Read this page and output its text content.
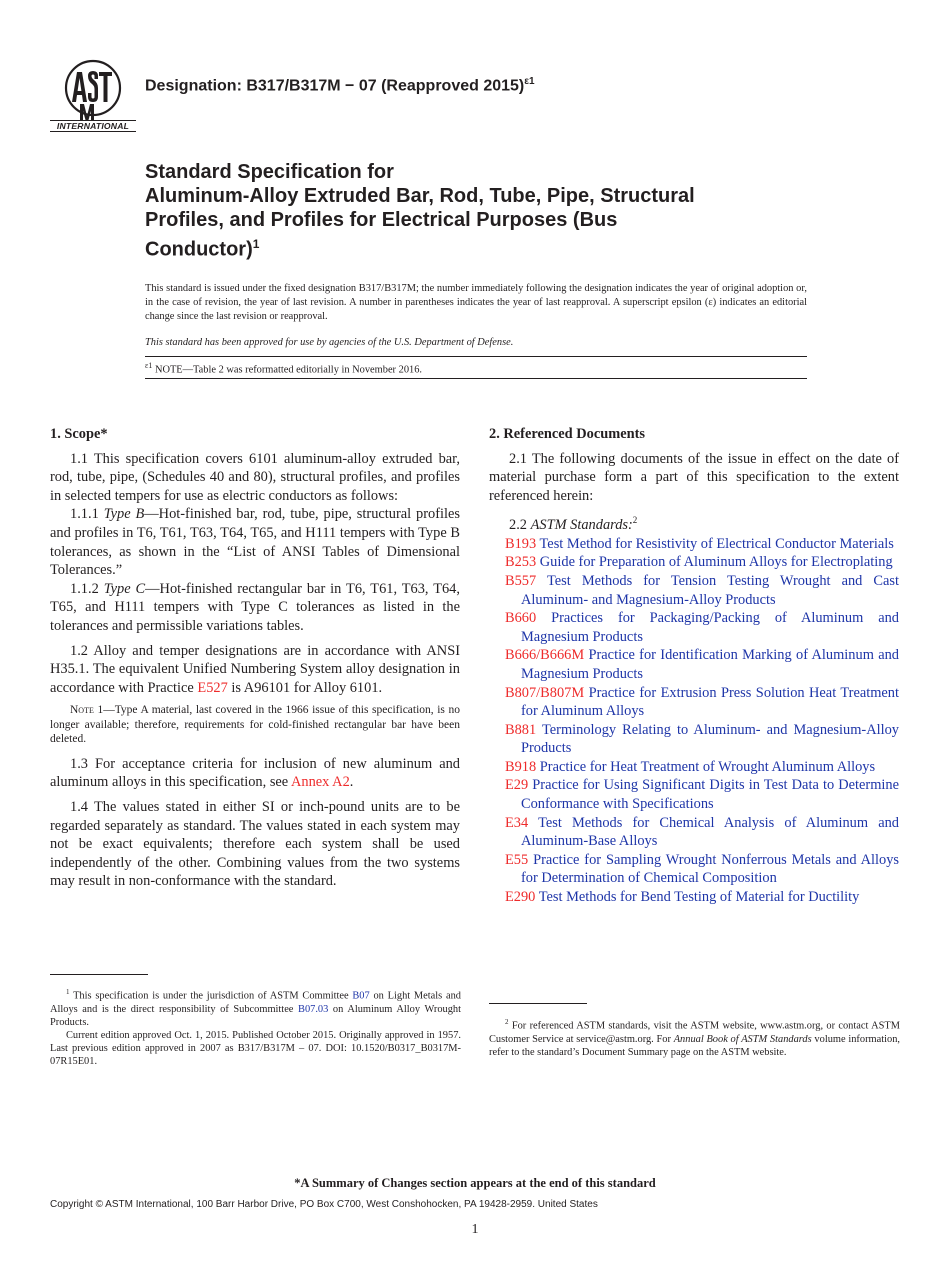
INTERNATIONAL
Designation: B317/B317M − 07 (Reapproved 2015)$^{\varepsilon 1}$
Standard Specification for
Aluminum-Alloy Extruded Bar, Rod, Tube, Pipe, Structural
Profiles, and Profiles for Electrical Purposes (Bus
Conductor)$^1$
This standard is issued under the fixed designation B317/B317M; the number immediately following the designation indicates the year of original adoption or, in the case of revision, the year of last revision. A number in parentheses indicates the year of last reapproval. A superscript epsilon (ε) indicates an editorial change since the last revision or reapproval.
This standard has been approved for use by agencies of the U.S. Department of Defense.
$^{\varepsilon 1}$ NOTE—Table 2 was reformatted editorially in November 2016.
1. Scope*
1.1 This specification covers 6101 aluminum-alloy extruded bar, rod, tube, pipe, (Schedules 40 and 80), structural profiles, and profiles in selected tempers for use as electric conductors as follows:
1.1.1 Type B—Hot-finished bar, rod, tube, pipe, structural profiles and profiles in T6, T61, T63, T64, T65, and H111 tempers with Type B tolerances, as shown in the “List of ANSI Tables of Dimensional Tolerances.”
1.1.2 Type C—Hot-finished rectangular bar in T6, T61, T63, T64, T65, and H111 tempers with Type C tolerances as listed in the tolerances and permissible variations tables.
1.2 Alloy and temper designations are in accordance with ANSI H35.1. The equivalent Unified Numbering System alloy designation in accordance with Practice E527 is A96101 for Alloy 6101.
Note 1—Type A material, last covered in the 1966 issue of this specification, is no longer available; therefore, requirements for cold-finished rectangular bar have been deleted.
1.3 For acceptance criteria for inclusion of new aluminum and aluminum alloys in this specification, see Annex A2.
1.4 The values stated in either SI or inch-pound units are to be regarded separately as standard. The values stated in each system may not be exact equivalents; therefore each system shall be used independently of the other. Combining values from the two systems may result in non-conformance with the standard.
2. Referenced Documents
2.1 The following documents of the issue in effect on the date of material purchase form a part of this specification to the extent referenced herein:
2.2 ASTM Standards:$^2$
B193 Test Method for Resistivity of Electrical Conductor Materials
B253 Guide for Preparation of Aluminum Alloys for Electroplating
B557 Test Methods for Tension Testing Wrought and Cast Aluminum- and Magnesium-Alloy Products
B660 Practices for Packaging/Packing of Aluminum and Magnesium Products
B666/B666M Practice for Identification Marking of Aluminum and Magnesium Products
B807/B807M Practice for Extrusion Press Solution Heat Treatment for Aluminum Alloys
B881 Terminology Relating to Aluminum- and Magnesium-Alloy Products
B918 Practice for Heat Treatment of Wrought Aluminum Alloys
E29 Practice for Using Significant Digits in Test Data to Determine Conformance with Specifications
E34 Test Methods for Chemical Analysis of Aluminum and Aluminum-Base Alloys
E55 Practice for Sampling Wrought Nonferrous Metals and Alloys for Determination of Chemical Composition
E290 Test Methods for Bend Testing of Material for Ductility

$^1$ This specification is under the jurisdiction of ASTM Committee B07 on Light Metals and Alloys and is the direct responsibility of Subcommittee B07.03 on Aluminum Alloy Wrought Products.

Current edition approved Oct. 1, 2015. Published October 2015. Originally approved in 1957. Last previous edition approved in 2007 as B317/B317M – 07. DOI: 10.1520/B0317_B0317M-07R15E01.

$^2$ For referenced ASTM standards, visit the ASTM website, www.astm.org, or contact ASTM Customer Service at service@astm.org. For Annual Book of ASTM Standards volume information, refer to the standard’s Document Summary page on the ASTM website.

*A Summary of Changes section appears at the end of this standard
Copyright © ASTM International, 100 Barr Harbor Drive, PO Box C700, West Conshohocken, PA 19428-2959. United States
1
